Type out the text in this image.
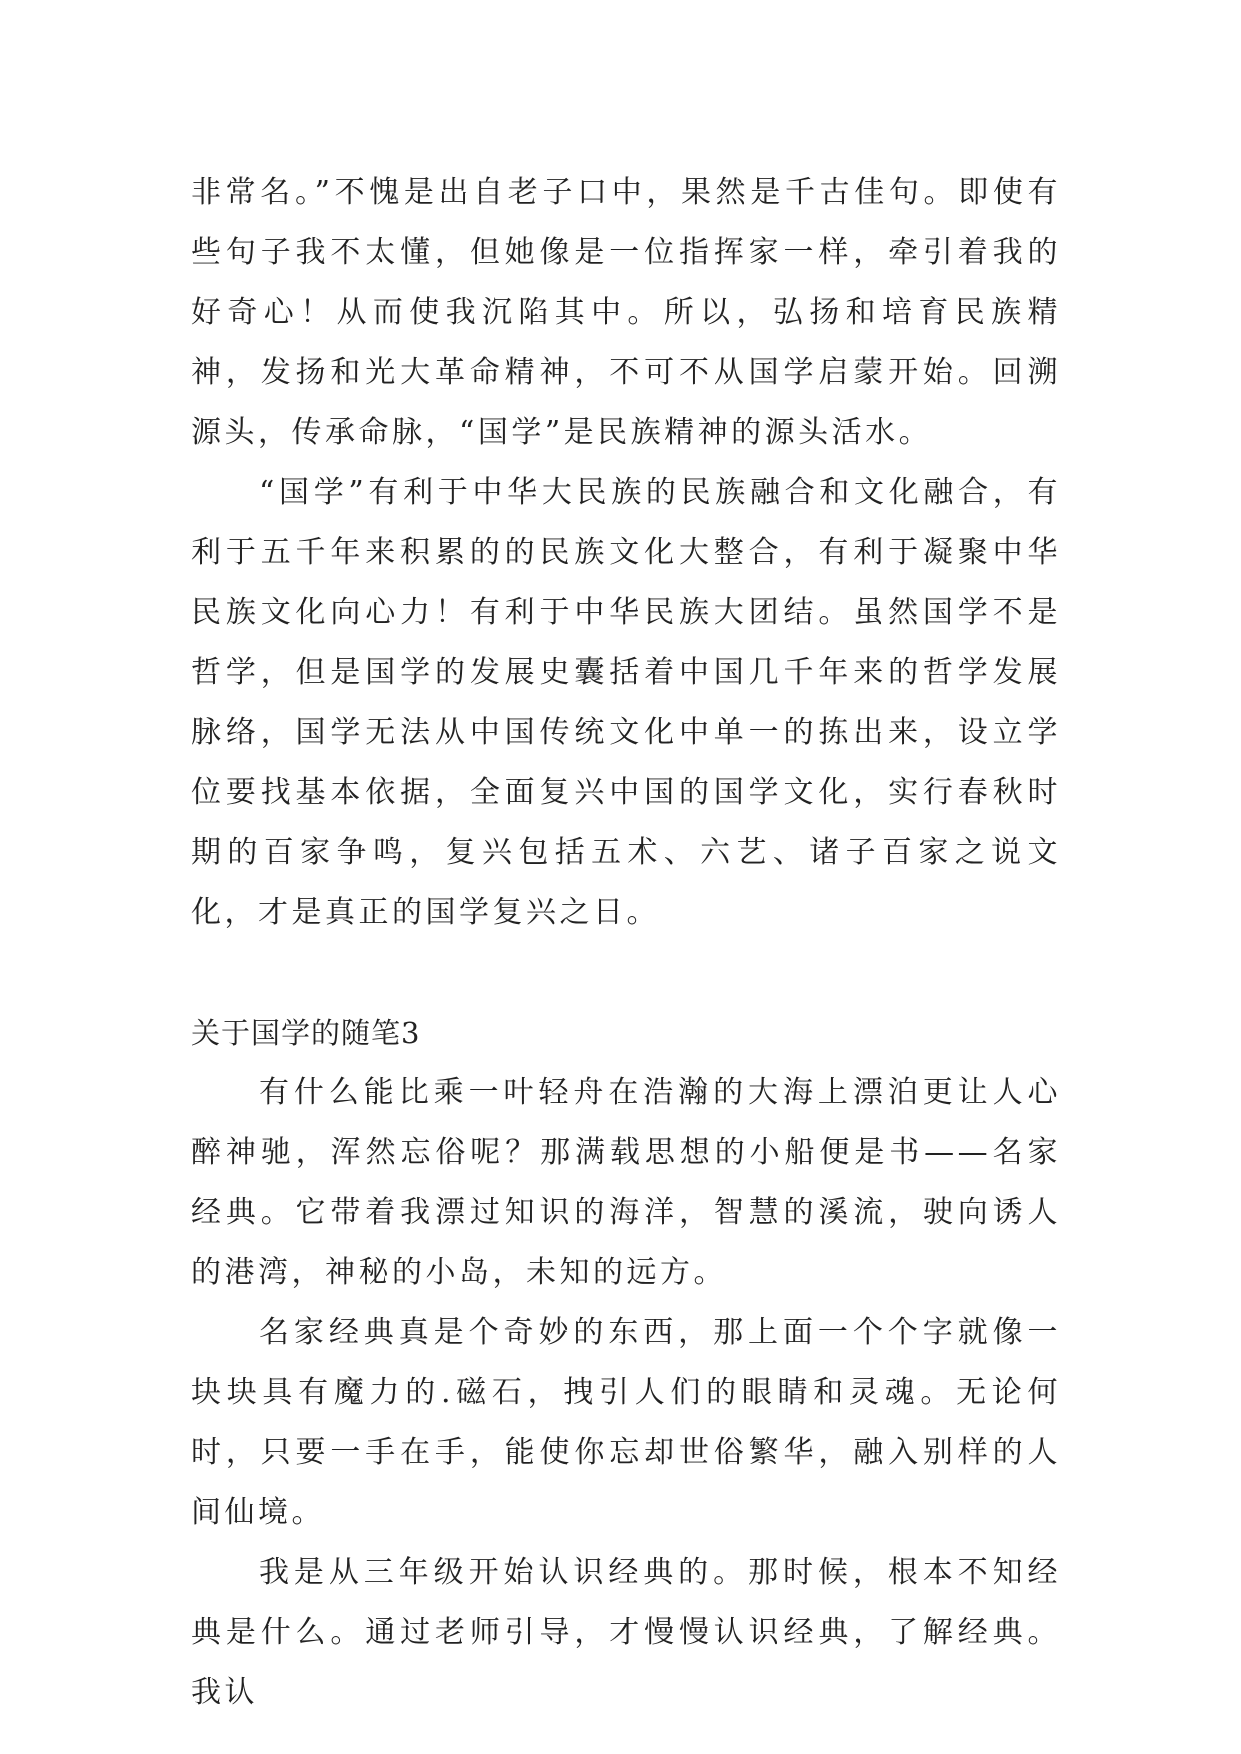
非常名。”不愧是出自老子口中，果然是千古佳句。即使有些句子我不太懂，但她像是一位指挥家一样，牵引着我的好奇心！从而使我沉陷其中。所以，弘扬和培育民族精神，发扬和光大革命精神，不可不从国学启蒙开始。回溯源头，传承命脉，“国学”是民族精神的源头活水。

“国学”有利于中华大民族的民族融合和文化融合，有利于五千年来积累的的民族文化大整合，有利于凝聚中华民族文化向心力！有利于中华民族大团结。虽然国学不是哲学，但是国学的发展史囊括着中国几千年来的哲学发展脉络，国学无法从中国传统文化中单一的拣出来，设立学位要找基本依据，全面复兴中国的国学文化，实行春秋时期的百家争鸣，复兴包括五术、六艺、诸子百家之说文化，才是真正的国学复兴之日。

关于国学的随笔3

有什么能比乘一叶轻舟在浩瀚的大海上漂泊更让人心醉神驰，浑然忘俗呢？那满载思想的小船便是书——名家经典。它带着我漂过知识的海洋，智慧的溪流，驶向诱人的港湾，神秘的小岛，未知的远方。

名家经典真是个奇妙的东西，那上面一个个字就像一块块具有魔力的.磁石，拽引人们的眼睛和灵魂。无论何时，只要一手在手，能使你忘却世俗繁华，融入别样的人间仙境。

我是从三年级开始认识经典的。那时候，根本不知经典是什么。通过老师引导，才慢慢认识经典，了解经典。我认
